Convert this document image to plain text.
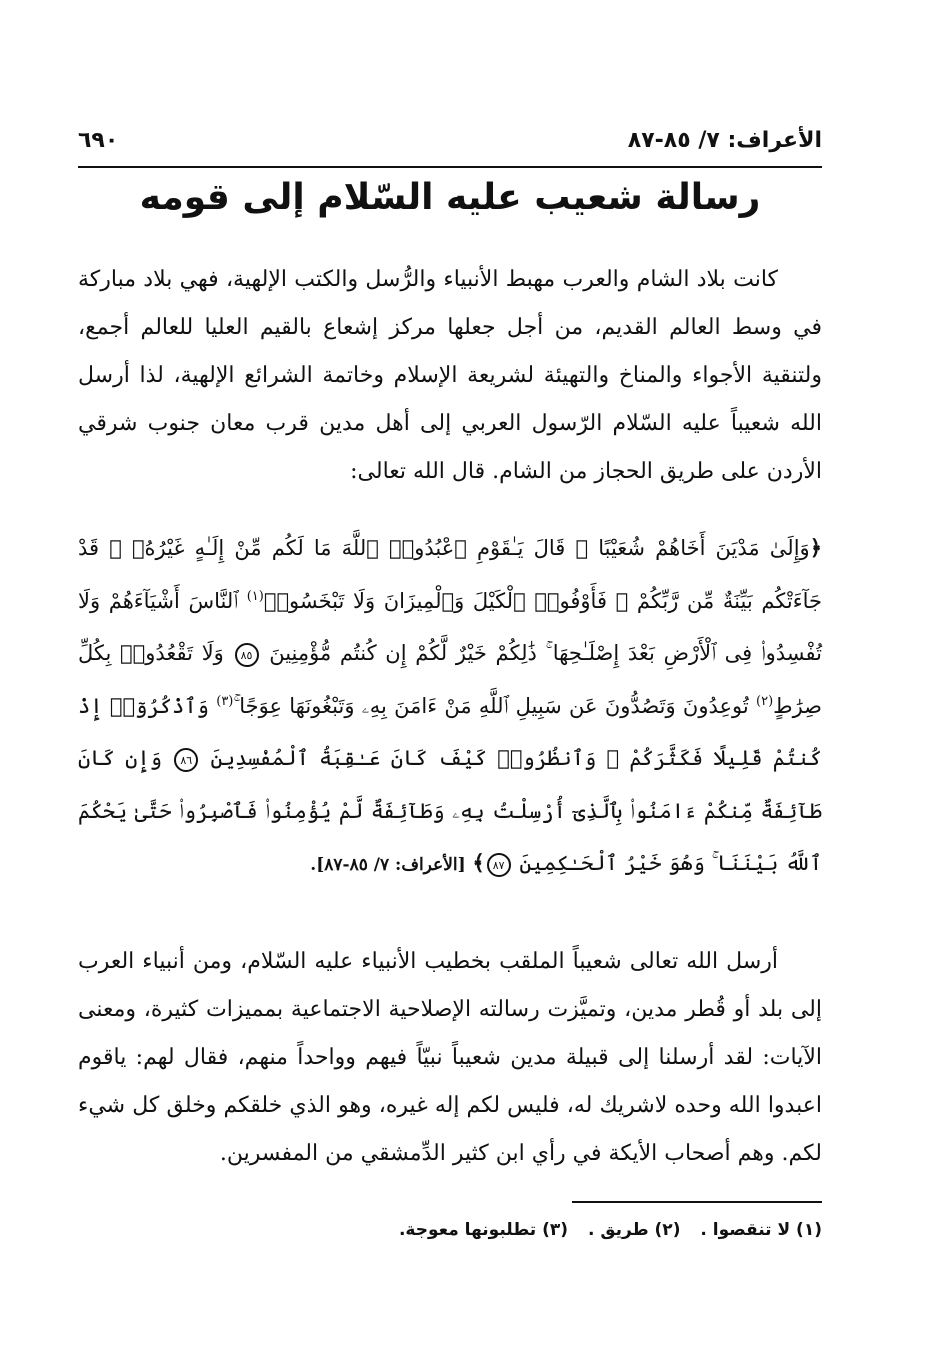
الأعراف: ٧/ ٨٥-٨٧
٦٩٠
رسالة شعيب عليه السّلام إلى قومه
كانت بلاد الشام والعرب مهبط الأنبياء والرُّسل والكتب الإلهية، فهي بلاد مباركة في وسط العالم القديم، من أجل جعلها مركز إشعاع بالقيم العليا للعالم أجمع، ولتنقية الأجواء والمناخ والتهيئة لشريعة الإسلام وخاتمة الشرائع الإلهية، لذا أرسل الله شعيباً عليه السّلام الرّسول العربي إلى أهل مدين قرب معان جنوب شرقي الأردن على طريق الحجاز من الشام. قال الله تعالى:
﴿وَإِلَىٰ مَدْيَنَ أَخَاهُمْ شُعَيْبًا ۗ قَالَ يَـٰقَوْمِ ٱعْبُدُوا۟ ٱللَّهَ مَا لَكُم مِّنْ إِلَـٰهٍ غَيْرُهُۥ ۖ قَدْ جَآءَتْكُم بَيِّنَةٌ مِّن رَّبِّكُمْ ۖ فَأَوْفُوا۟ ٱلْكَيْلَ وَٱلْمِيزَانَ وَلَا تَبْخَسُوا۟$^{(١)}$ ٱلنَّاسَ أَشْيَآءَهُمْ وَلَا تُفْسِدُوا۟ فِى ٱلْأَرْضِ بَعْدَ إِصْلَـٰحِهَا ۚ ذَٰلِكُمْ خَيْرٌ لَّكُمْ إِن كُنتُم مُّؤْمِنِينَ ٨٥ وَلَا تَقْعُدُوا۟ بِكُلِّ صِرَٰطٍ$^{(٢)}$ تُوعِدُونَ وَتَصُدُّونَ عَن سَبِيلِ ٱللَّهِ مَنْ ءَامَنَ بِهِۦ وَتَبْغُونَهَا عِوَجًا ۚ$^{(٣)}$ وَٱذْكُرُوٓا۟ إِذْ كُنتُمْ قَلِيلًا فَكَثَّرَكُمْ ۖ وَٱنظُرُوا۟ كَيْفَ كَانَ عَـٰقِبَةُ ٱلْمُفْسِدِينَ ٨٦ وَإِن كَانَ طَآئِفَةٌ مِّنكُمْ ءَامَنُوا۟ بِٱلَّذِىٓ أُرْسِلْتُ بِهِۦ وَطَآئِفَةٌ لَّمْ يُؤْمِنُوا۟ فَٱصْبِرُوا۟ حَتَّىٰ يَحْكُمَ ٱللَّهُ بَيْنَنَا ۚ وَهُوَ خَيْرُ ٱلْحَـٰكِمِينَ ٨٧﴾ [الأعراف: ٧/ ٨٥-٨٧].
أرسل الله تعالى شعيباً الملقب بخطيب الأنبياء عليه السّلام، ومن أنبياء العرب إلى بلد أو قُطر مدين، وتميَّزت رسالته الإصلاحية الاجتماعية بمميزات كثيرة، ومعنى الآيات: لقد أرسلنا إلى قبيلة مدين شعيباً نبيّاً فيهم وواحداً منهم، فقال لهم: ياقوم اعبدوا الله وحده لاشريك له، فليس لكم إله غيره، وهو الذي خلقكم وخلق كل شيء لكم. وهم أصحاب الأيكة في رأي ابن كثير الدِّمشقي من المفسرين.
(١) لا تنقصوا . (٢) طريق . (٣) تطلبونها معوجة.
